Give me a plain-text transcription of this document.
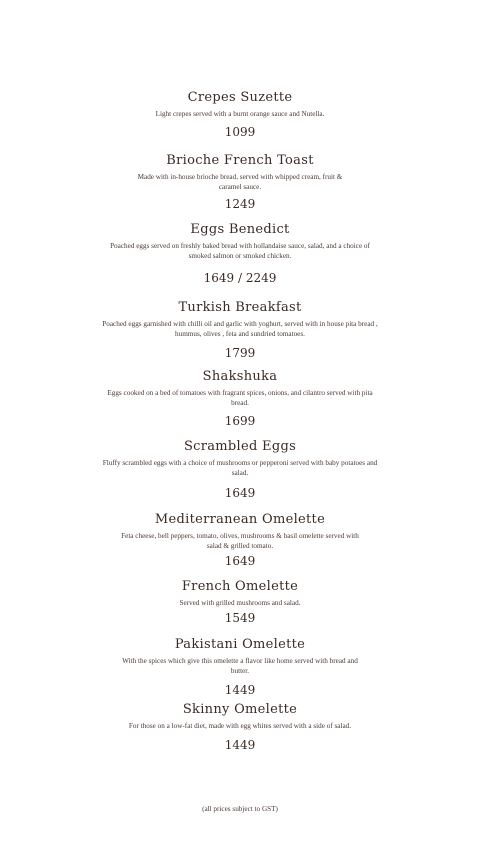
Crepes Suzette

Light crepes served with a burnt orange sauce and Nutella.

1099

Brioche French Toast

Made with in-house brioche bread, served with whipped cream, fruit & caramel sauce.

1249

Eggs Benedict

Poached eggs served on freshly baked bread with hollandaise sauce, salad, and a choice of smoked salmon or smoked chicken.

1649 / 2249

Turkish Breakfast

Poached eggs garnished with chilli oil and garlic with yoghurt, served with in house pita bread , hummus, olives , feta and sundried tomatoes.

1799

Shakshuka

Eggs cooked on a bed of tomatoes with fragrant spices, onions, and cilantro served with pita bread.

1699

Scrambled Eggs

Fluffy scrambled eggs with a choice of mushrooms or pepperoni served with baby potatoes and salad.

1649

Mediterranean Omelette

Feta cheese, bell peppers, tomato, olives, mushrooms & basil omelette served with salad & grilled tomato.

1649

French Omelette

Served with grilled mushrooms and salad.

1549

Pakistani Omelette

With the spices which give this omelette a flavor like home served with bread and butter.

1449

Skinny Omelette

For those on a low-fat diet, made with egg whites served with a side of salad.

1449

(all prices subject to GST)
